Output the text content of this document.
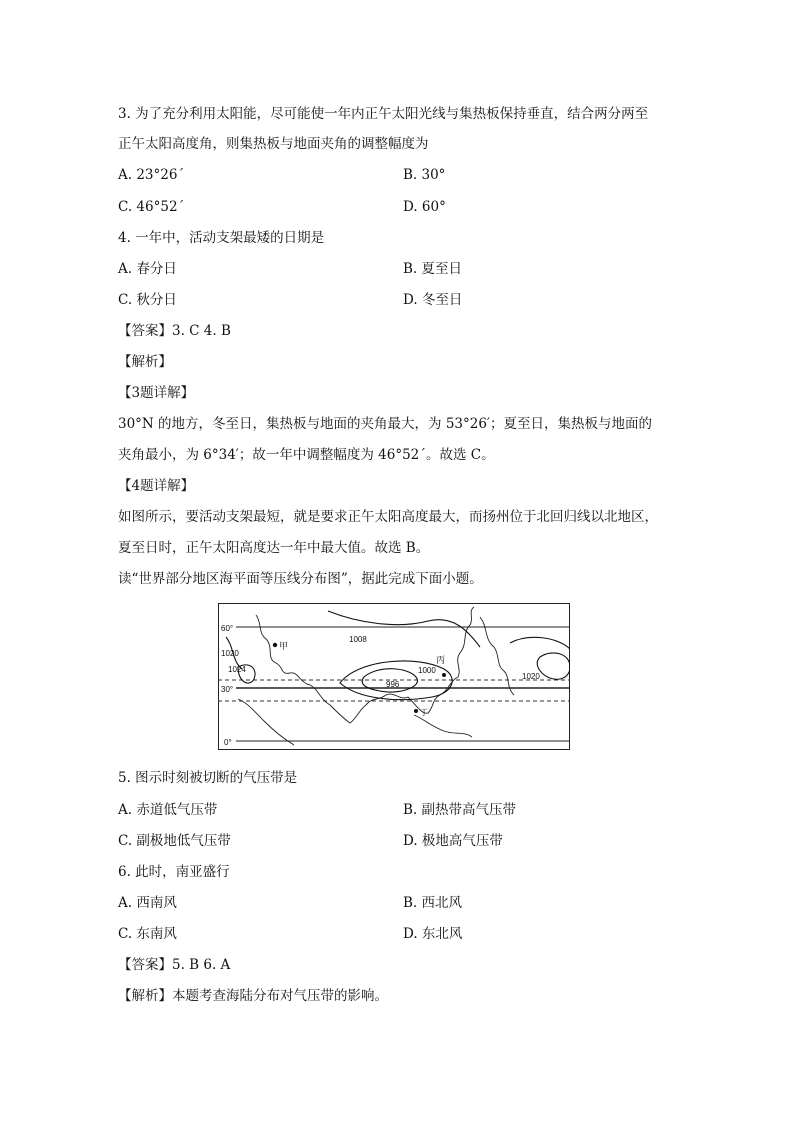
3. 为了充分利用太阳能，尽可能使一年内正午太阳光线与集热板保持垂直，结合两分两至
正午太阳高度角，则集热板与地面夹角的调整幅度为
A. 23°26´	B. 30°
C. 46°52´	D. 60°
4. 一年中，活动支架最矮的日期是
A. 春分日	B. 夏至日
C. 秋分日	D. 冬至日
【答案】3. C 4. B
【解析】
【3题详解】
30°N 的地方，冬至日，集热板与地面的夹角最大，为 53°26′；夏至日，集热板与地面的
夹角最小，为 6°34′；故一年中调整幅度为 46°52´。故选 C。
【4题详解】
如图所示，要活动支架最短，就是要求正午太阳高度最大，而扬州位于北回归线以北地区，
夏至日时，正午太阳高度达一年中最大值。故选 B。
读“世界部分地区海平面等压线分布图”，据此完成下面小题。
60°
30°
0°
1008
1020
1024
996
1000
1020
甲
丙
丁
5. 图示时刻被切断的气压带是
A. 赤道低气压带	B. 副热带高气压带
C. 副极地低气压带	D. 极地高气压带
6. 此时，南亚盛行
A. 西南风	B. 西北风
C. 东南风	D. 东北风
【答案】5. B 6. A
【解析】本题考查海陆分布对气压带的影响。
